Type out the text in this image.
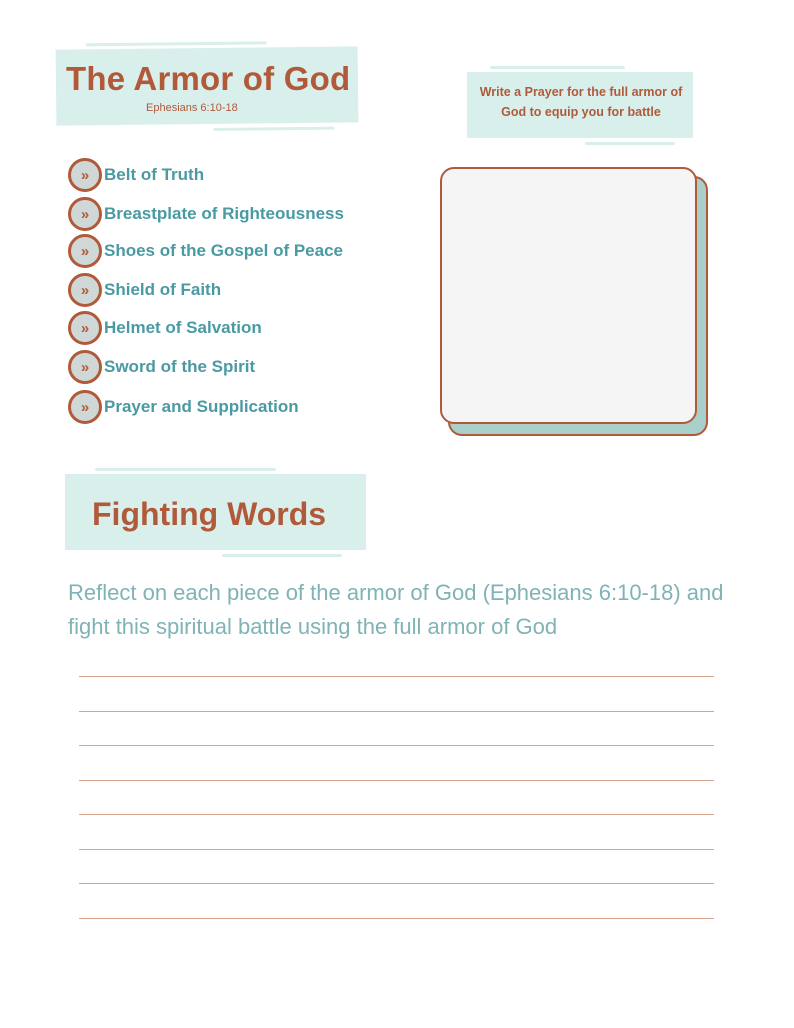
The Armor of God
Ephesians 6:10-18
Write a Prayer for the full armor of God to equip you for battle
» Belt of Truth
» Breastplate of Righteousness
» Shoes of the Gospel of Peace
» Shield of Faith
» Helmet of Salvation
» Sword of the Spirit
» Prayer and Supplication
Fighting Words
Reflect on each piece of the armor of God (Ephesians 6:10-18) and fight this spiritual battle using the full armor of God
